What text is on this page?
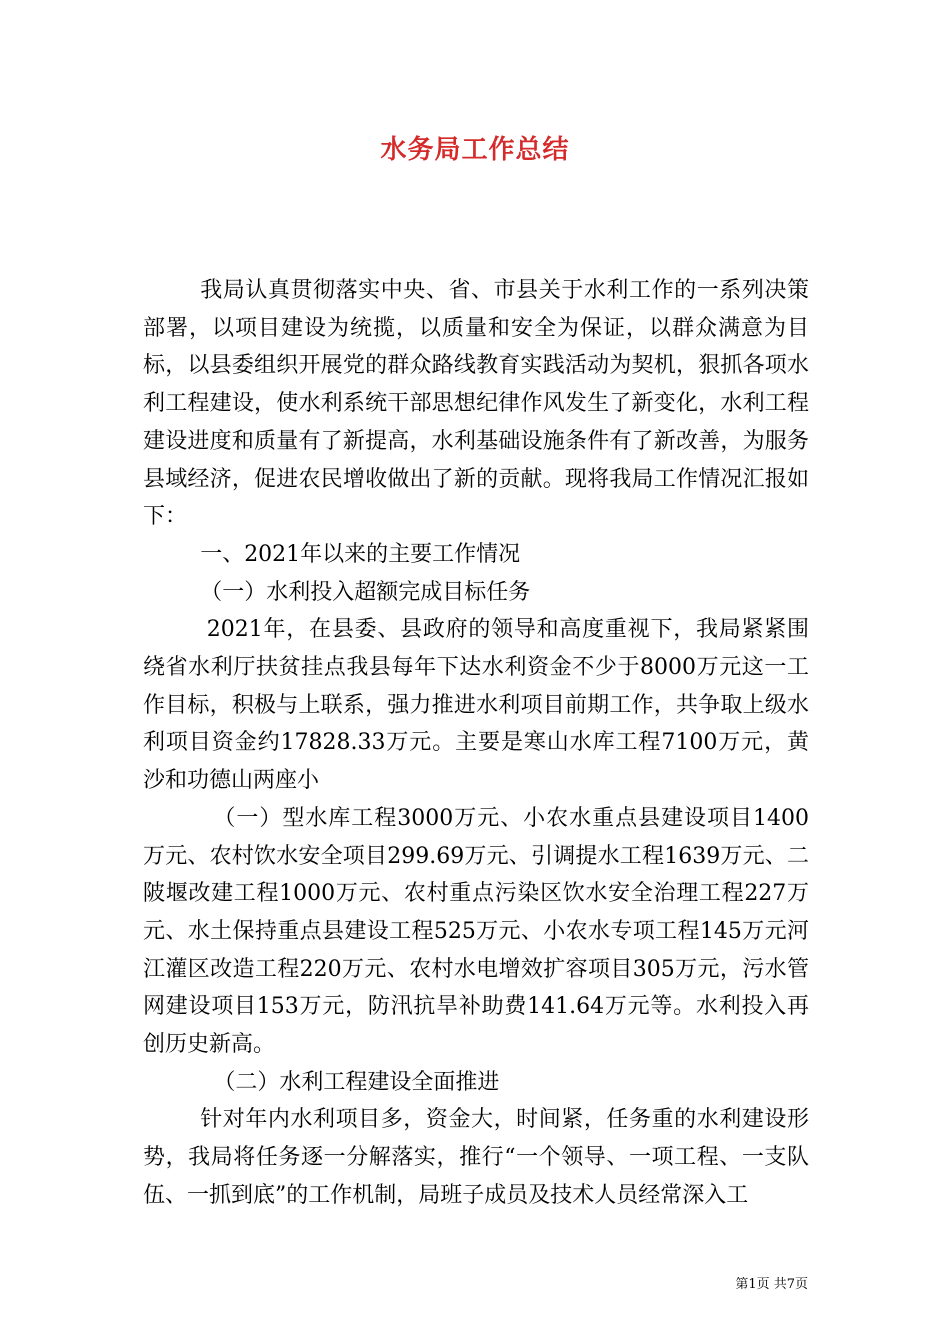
水务局工作总结

我局认真贯彻落实中央、省、市县关于水利工作的一系列决策部署，以项目建设为统揽，以质量和安全为保证，以群众满意为目标，以县委组织开展党的群众路线教育实践活动为契机，狠抓各项水利工程建设，使水利系统干部思想纪律作风发生了新变化，水利工程建设进度和质量有了新提高，水利基础设施条件有了新改善，为服务县域经济，促进农民增收做出了新的贡献。现将我局工作情况汇报如下：

一、2021年以来的主要工作情况

（一）水利投入超额完成目标任务

2021年，在县委、县政府的领导和高度重视下，我局紧紧围绕省水利厅扶贫挂点我县每年下达水利资金不少于8000万元这一工作目标，积极与上联系，强力推进水利项目前期工作，共争取上级水利项目资金约17828.33万元。主要是寒山水库工程7100万元，黄沙和功德山两座小

（一）型水库工程3000万元、小农水重点县建设项目1400万元、农村饮水安全项目299.69万元、引调提水工程1639万元、二陂堰改建工程1000万元、农村重点污染区饮水安全治理工程227万元、水土保持重点县建设工程525万元、小农水专项工程145万元河江灌区改造工程220万元、农村水电增效扩容项目305万元，污水管网建设项目153万元，防汛抗旱补助费141.64万元等。水利投入再创历史新高。

（二）水利工程建设全面推进

针对年内水利项目多，资金大，时间紧，任务重的水利建设形势，我局将任务逐一分解落实，推行“一个领导、一项工程、一支队伍、一抓到底”的工作机制，局班子成员及技术人员经常深入工

第1页 共7页
